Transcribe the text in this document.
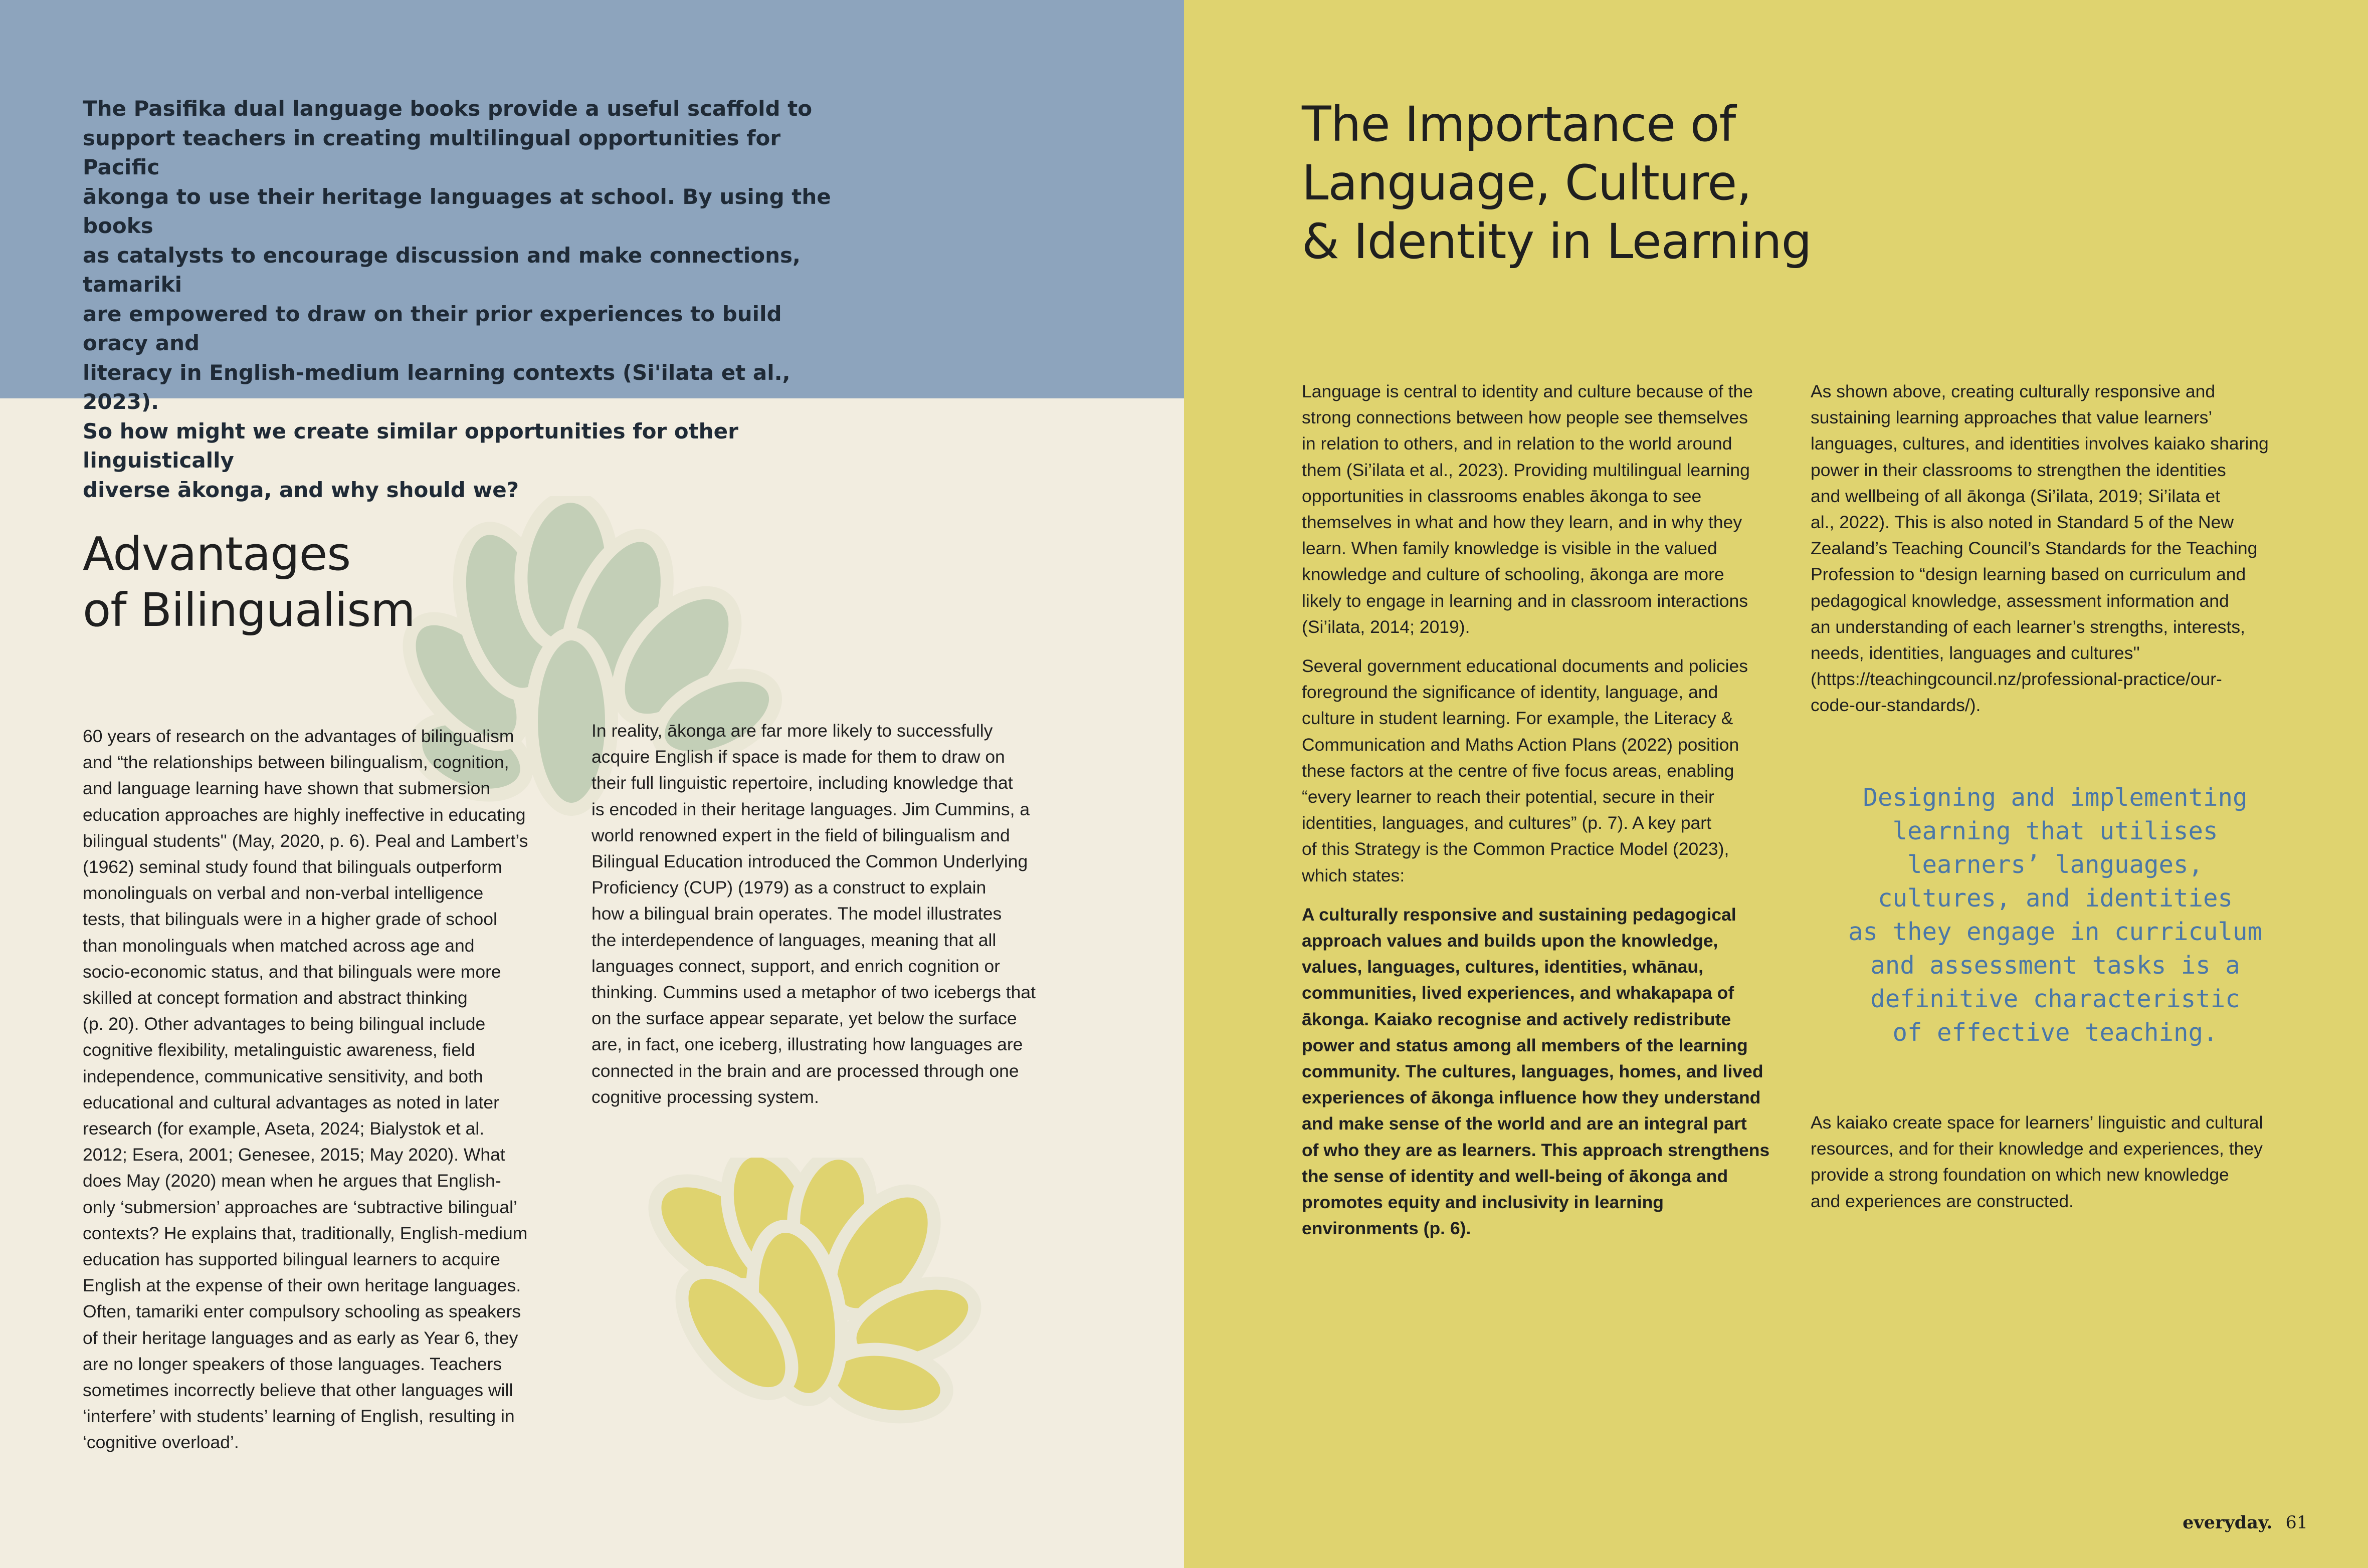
The Pasifika dual language books provide a useful scaffold to
support teachers in creating multilingual opportunities for Pacific
ākonga to use their heritage languages at school. By using the books
as catalysts to encourage discussion and make connections, tamariki
are empowered to draw on their prior experiences to build oracy and
literacy in English-medium learning contexts (Si'ilata et al., 2023).
So how might we create similar opportunities for other linguistically
diverse ākonga, and why should we?

Advantages
of Bilingualism

60 years of research on the advantages of bilingualism
and “the relationships between bilingualism, cognition,
and language learning have shown that submersion
education approaches are highly ineffective in educating
bilingual students'' (May, 2020, p. 6). Peal and Lambert’s
(1962) seminal study found that bilinguals outperform
monolinguals on verbal and non-verbal intelligence
tests, that bilinguals were in a higher grade of school
than monolinguals when matched across age and
socio-economic status, and that bilinguals were more
skilled at concept formation and abstract thinking
(p. 20). Other advantages to being bilingual include
cognitive flexibility, metalinguistic awareness, field
independence, communicative sensitivity, and both
educational and cultural advantages as noted in later
research (for example, Aseta, 2024; Bialystok et al.
2012; Esera, 2001; Genesee, 2015; May 2020). What
does May (2020) mean when he argues that English-
only ‘submersion’ approaches are ‘subtractive bilingual’
contexts? He explains that, traditionally, English-medium
education has supported bilingual learners to acquire
English at the expense of their own heritage languages.
Often, tamariki enter compulsory schooling as speakers
of their heritage languages and as early as Year 6, they
are no longer speakers of those languages. Teachers
sometimes incorrectly believe that other languages will
‘interfere’ with students’ learning of English, resulting in
‘cognitive overload’.

In reality, ākonga are far more likely to successfully
acquire English if space is made for them to draw on
their full linguistic repertoire, including knowledge that
is encoded in their heritage languages. Jim Cummins, a
world renowned expert in the field of bilingualism and
Bilingual Education introduced the Common Underlying
Proficiency (CUP) (1979) as a construct to explain
how a bilingual brain operates. The model illustrates
the interdependence of languages, meaning that all
languages connect, support, and enrich cognition or
thinking. Cummins used a metaphor of two icebergs that
on the surface appear separate, yet below the surface
are, in fact, one iceberg, illustrating how languages are
connected in the brain and are processed through one
cognitive processing system.

The Importance of
Language, Culture,
& Identity in Learning

Language is central to identity and culture because of the
strong connections between how people see themselves
in relation to others, and in relation to the world around
them (Si’ilata et al., 2023). Providing multilingual learning
opportunities in classrooms enables ākonga to see
themselves in what and how they learn, and in why they
learn. When family knowledge is visible in the valued
knowledge and culture of schooling, ākonga are more
likely to engage in learning and in classroom interactions
(Si’ilata, 2014; 2019).

Several government educational documents and policies
foreground the significance of identity, language, and
culture in student learning. For example, the Literacy &
Communication and Maths Action Plans (2022) position
these factors at the centre of five focus areas, enabling
“every learner to reach their potential, secure in their
identities, languages, and cultures” (p. 7). A key part
of this Strategy is the Common Practice Model (2023),
which states:

A culturally responsive and sustaining pedagogical
approach values and builds upon the knowledge,
values, languages, cultures, identities, whānau,
communities, lived experiences, and whakapapa of
ākonga. Kaiako recognise and actively redistribute
power and status among all members of the learning
community. The cultures, languages, homes, and lived
experiences of ākonga influence how they understand
and make sense of the world and are an integral part
of who they are as learners. This approach strengthens
the sense of identity and well-being of ākonga and
promotes equity and inclusivity in learning
environments (p. 6).

As shown above, creating culturally responsive and
sustaining learning approaches that value learners’
languages, cultures, and identities involves kaiako sharing
power in their classrooms to strengthen the identities
and wellbeing of all ākonga (Si’ilata, 2019; Si’ilata et
al., 2022). This is also noted in Standard 5 of the New
Zealand’s Teaching Council’s Standards for the Teaching
Profession to “design learning based on curriculum and
pedagogical knowledge, assessment information and
an understanding of each learner’s strengths, interests,
needs, identities, languages and cultures''
(https://teachingcouncil.nz/professional-practice/our-
code-our-standards/).

Designing and implementing
learning that utilises
learners’ languages,
cultures, and identities
as they engage in curriculum
and assessment tasks is a
definitive characteristic
of effective teaching.

As kaiako create space for learners’ linguistic and cultural
resources, and for their knowledge and experiences, they
provide a strong foundation on which new knowledge
and experiences are constructed.

everyday. 61
